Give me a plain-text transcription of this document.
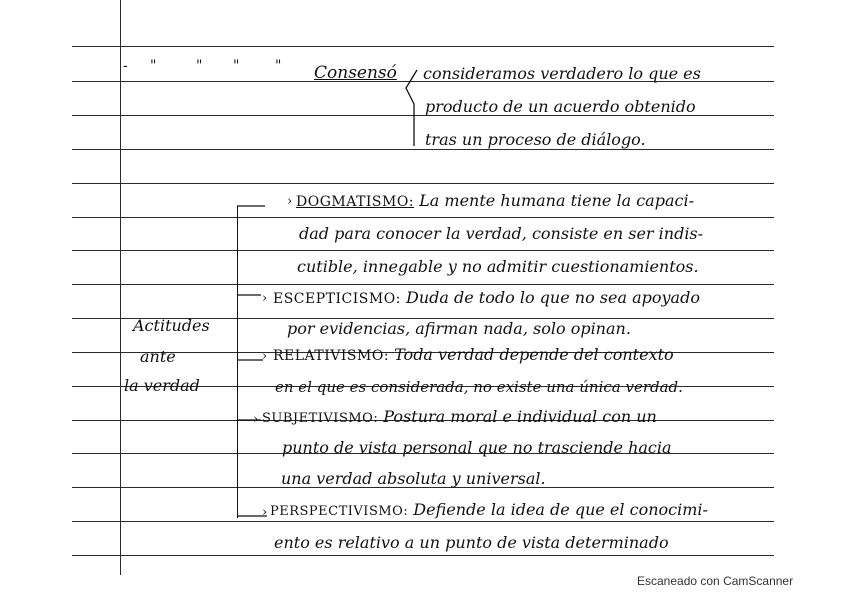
- "	" "	" Consensó consideramos verdadero lo que es
producto de un acuerdo obtenido
tras un proceso de diálogo.
Actitudes
ante
la verdad
› DOGMATISMO: La mente humana tiene la capaci-
dad para conocer la verdad, consiste en ser indis-
cutible, innegable y no admitir cuestionamientos.
› ESCEPTICISMO: Duda de todo lo que no sea apoyado
por evidencias, afirman nada, solo opinan.
› RELATIVISMO: Toda verdad depende del contexto
en el que es considerada, no existe una única verdad.
› SUBJETIVISMO: Postura moral e individual con un
punto de vista personal que no trasciende hacia
una verdad absoluta y universal.
› PERSPECTIVISMO: Defiende la idea de que el conocimi-
ento es relativo a un punto de vista determinado
Escaneado con CamScanner
